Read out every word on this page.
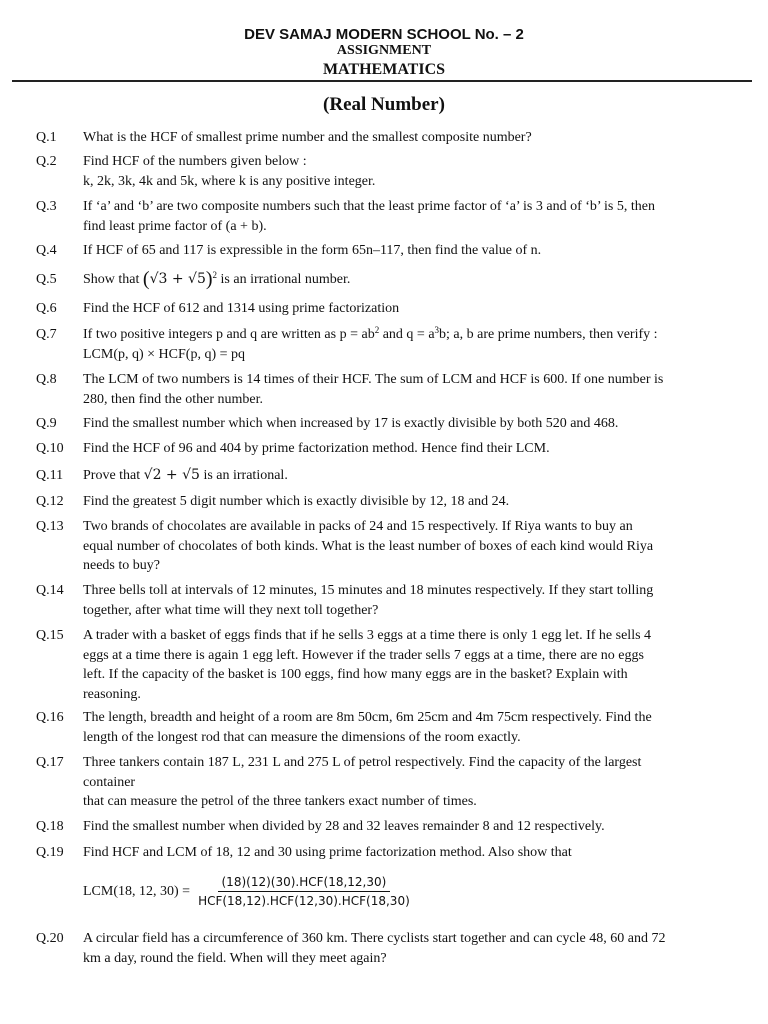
DEV SAMAJ MODERN SCHOOL No. – 2
ASSIGNMENT
MATHEMATICS
(Real Number)
Q.1	What is the HCF of smallest prime number and the smallest composite number?
Q.2	Find HCF of the numbers given below :
k, 2k, 3k, 4k and 5k, where k is any positive integer.
Q.3	If ‘a’ and ‘b’ are two composite numbers such that the least prime factor of ‘a’ is 3 and of ‘b’ is 5, then
find least prime factor of (a + b).
Q.4	If HCF of 65 and 117 is expressible in the form 65n–117, then find the value of n.
Q.5	Show that $(√3 + √5)^2$ is an irrational number.
Q.6	Find the HCF of 612 and 1314 using prime factorization
Q.7	If two positive integers p and q are written as $p = ab^2$ and $q = a^3b$; a, b are prime numbers, then verify :
LCM(p, q) × HCF(p, q) = pq
Q.8	The LCM of two numbers is 14 times of their HCF. The sum of LCM and HCF is 600. If one number is
280, then find the other number.
Q.9	Find the smallest number which when increased by 17 is exactly divisible by both 520 and 468.
Q.10	Find the HCF of 96 and 404 by prime factorization method. Hence find their LCM.
Q.11	Prove that √2 + √5 is an irrational.
Q.12	Find the greatest 5 digit number which is exactly divisible by 12, 18 and 24.
Q.13	Two brands of chocolates are available in packs of 24 and 15 respectively. If Riya wants to buy an
equal number of chocolates of both kinds. What is the least number of boxes of each kind would Riya
needs to buy?
Q.14	Three bells toll at intervals of 12 minutes, 15 minutes and 18 minutes respectively. If they start tolling
together, after what time will they next toll together?
Q.15	A trader with a basket of eggs finds that if he sells 3 eggs at a time there is only 1 egg let. If he sells 4
eggs at a time there is again 1 egg left. However if the trader sells 7 eggs at a time, there are no eggs
left. If the capacity of the basket is 100 eggs, find how many eggs are in the basket? Explain with
reasoning.
Q.16	The length, breadth and height of a room are 8m 50cm, 6m 25cm and 4m 75cm respectively. Find the
length of the longest rod that can measure the dimensions of the room exactly.
Q.17	Three tankers contain 187 L, 231 L and 275 L of petrol respectively. Find the capacity of the largest
container
that can measure the petrol of the three tankers exact number of times.
Q.18	Find the smallest number when divided by 28 and 32 leaves remainder 8 and 12 respectively.
Q.19	Find HCF and LCM of 18, 12 and 30 using prime factorization method. Also show that
LCM(18, 12, $30) = \frac{\text{(18)(12)(30).HCF(18,12,30)}}{\text{HCF(18,12).HCF(12,30).HCF(18,30)}}$
Q.20	A circular field has a circumference of 360 km. There cyclists start together and can cycle 48, 60 and 72
km a day, round the field. When will they meet again?
